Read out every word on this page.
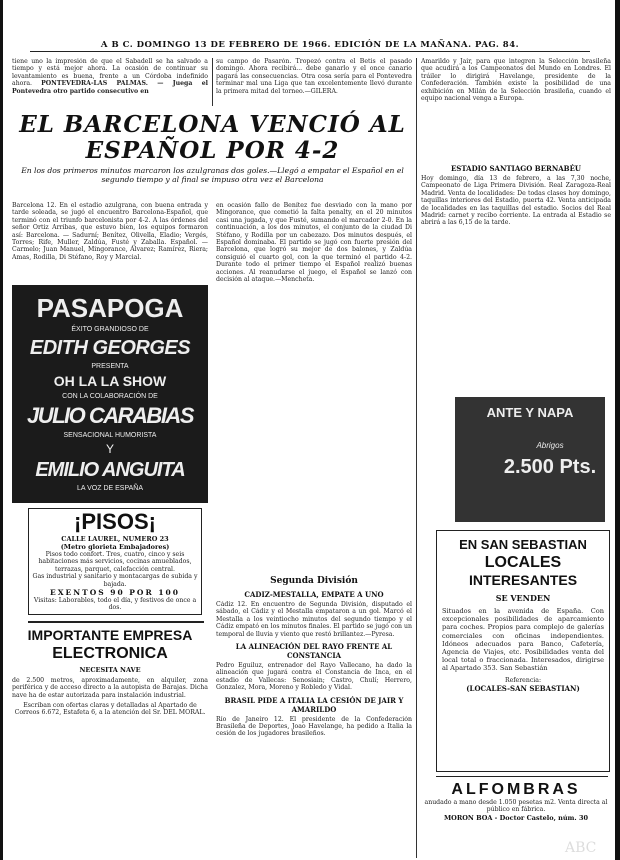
A B C. DOMINGO 13 DE FEBRERO DE 1966. EDICIÓN DE LA MAÑANA. PAG. 84.
tiene uno la impresión de que el Sabadell se ha salvado a tiempo y está mejor ahora. La ocasión de continuar su levantamiento es buena, frente a un Córdoba indefinido ahora. PONTEVEDRA-LAS PALMAS. — Juega el Pontevedra otro partido consecutivo en
su campo de Pasarón. Tropezó contra el Betis el pasado domingo. Ahora recibirá... debe ganarlo y el once canario pagará las consecuencias. Otra cosa sería para el Pontevedra terminar mal una Liga que tan excelentemente llevó durante la primera mitad del torneo.—GILERA.
Amarildo y Jair, para que integren la Selección brasileña que acudirá a los Campeonatos del Mundo en Londres. El tráiler lo dirigirá Havelange, presidente de la Confederación. También existe la posibilidad de una exhibición en Milán de la Selección brasileña, cuando el equipo nacional venga a Europa.
EL BARCELONA VENCIÓ AL ESPAÑOL POR 4-2
En los dos primeros minutos marcaron los azulgranas dos goles.—Llegó a empatar el Español en el segundo tiempo y al final se impuso otra vez el Barcelona
Barcelona 12. En el estadio azulgrana, con buena entrada y tarde soleada, se jugó el encuentro Barcelona-Español, que terminó con el triunfo barcelonista por 4-2. A las órdenes del señor Ortiz Arribas, que estuvo bien, los equipos formaron así: Barcelona. — Sadurní; Benítez, Olivella, Eladio; Vergés, Torres; Rife, Muller, Zaldúa, Fusté y Zaballa. Español. — Carmelo; Juan Manuel, Mingorance, Álvarez; Ramírez, Riera; Amas, Rodilla, Di Stéfano, Roy y Marcial.
PASAPOGA
ÉXITO GRANDIOSO DE
EDITH GEORGES
PRESENTA
OH LA LA SHOW
CON LA COLABORACIÓN DE
JULIO CARABIAS
SENSACIONAL HUMORISTA
Y
EMILIO ANGUITA
LA VOZ DE ESPAÑA
¡PISOS¡
CALLE LAUREL, NUMERO 23
(Metro glorieta Embajadores)
Pisos todo confort. Tres, cuatro, cinco y seis habitaciones más servicios, cocinas amueblados, terrazas, parquet, calefacción central.
Gas industrial y sanitario y montacargas de subida y bajada.
EXENTOS 90 POR 100
Visitas: Laborables, todo el día, y festivos de once a dos.
IMPORTANTE EMPRESA
ELECTRONICA
NECESITA NAVE
de 2.500 metros, aproximadamente, en alquiler, zona periférica y de acceso directo a la autopista de Barajas. Dicha nave ha de estar autorizada para instalación industrial.
Escriban con ofertas claras y detalladas al Apartado de Correos 6.672, Estafeta 6, a la atención del Sr. DEL MORAL.
en ocasión fallo de Benítez fue desviado con la mano por Mingorance, que cometió la falta penalty, en el 20 minutos casi una jugada, y que Fusté, sumando el marcador 2-0. En la continuación, a los dos minutos, el conjunto de la ciudad Di Stéfano, y Rodilla por un cabezazo. Dos minutos después, el Español dominaba. El partido se jugó con fuerte presión del Barcelona, que logró su mejor de dos balones, y Zaldúa consiguió el cuarto gol, con la que terminó el partido 4-2. Durante todo el primer tiempo el Español realizó buenas acciones. Al reanudarse el juego, el Español se lanzó con decisión al ataque.—Mencheta.
Segunda División
CADIZ-MESTALLA, EMPATE A UNO
Cádiz 12. En encuentro de Segunda División, disputado el sábado, el Cádiz y el Mestalla empataron a un gol. Marcó el Mestalla a los veintiocho minutos del segundo tiempo y el Cádiz empató en los minutos finales. El partido se jugó con un temporal de lluvia y viento que restó brillantez.—Pyresa.
LA ALINEACIÓN DEL RAYO FRENTE AL CONSTANCIA
Pedro Eguiluz, entrenador del Rayo Vallecano, ha dado la alineación que jugará contra el Constancia de Inca, en el estadio de Vallecas: Senosiain; Castro, Chulí; Herrero, Gonzalez, Mora, Moreno y Robledo y Vidal.
BRASIL PIDE A ITALIA LA CESIÓN DE JAIR Y AMARILDO
Río de Janeiro 12. El presidente de la Confederación Brasileña de Deportes, Joao Havelange, ha pedido a Italia la cesión de los jugadores brasileños.
ESTADIO SANTIAGO BERNABÉU
Hoy domingo, día 13 de febrero, a las 7,30 noche, Campeonato de Liga Primera División. Real Zaragoza-Real Madrid. Venta de localidades: De todas clases hoy domingo, taquillas interiores del Estadio, puerta 42. Venta anticipada de localidades en las taquillas del estadio. Socios del Real Madrid: carnet y recibo corriente. La entrada al Estadio se abrirá a las 6,15 de la tarde.
ANTE Y NAPA
Abrigos
2.500 Pts.
EN SAN SEBASTIAN
LOCALES
INTERESANTES
SE VENDEN
Situados en la avenida de España. Con excepcionales posibilidades de aparcamiento para coches. Propios para complejo de galerías comerciales con oficinas independientes. Idóneos adecuados para Banco, Cafetería, Agencia de Viajes, etc. Posibilidades venta del local total o fraccionada. Interesados, dirigirse al Apartado 353. San Sebastián
Referencia:
(LOCALES-SAN SEBASTIAN)
ALFOMBRAS
anudado a mano desde 1.050 pesetas m2. Venta directa al público en fábrica.
MORON BOA - Doctor Castelo, núm. 30
ABC
